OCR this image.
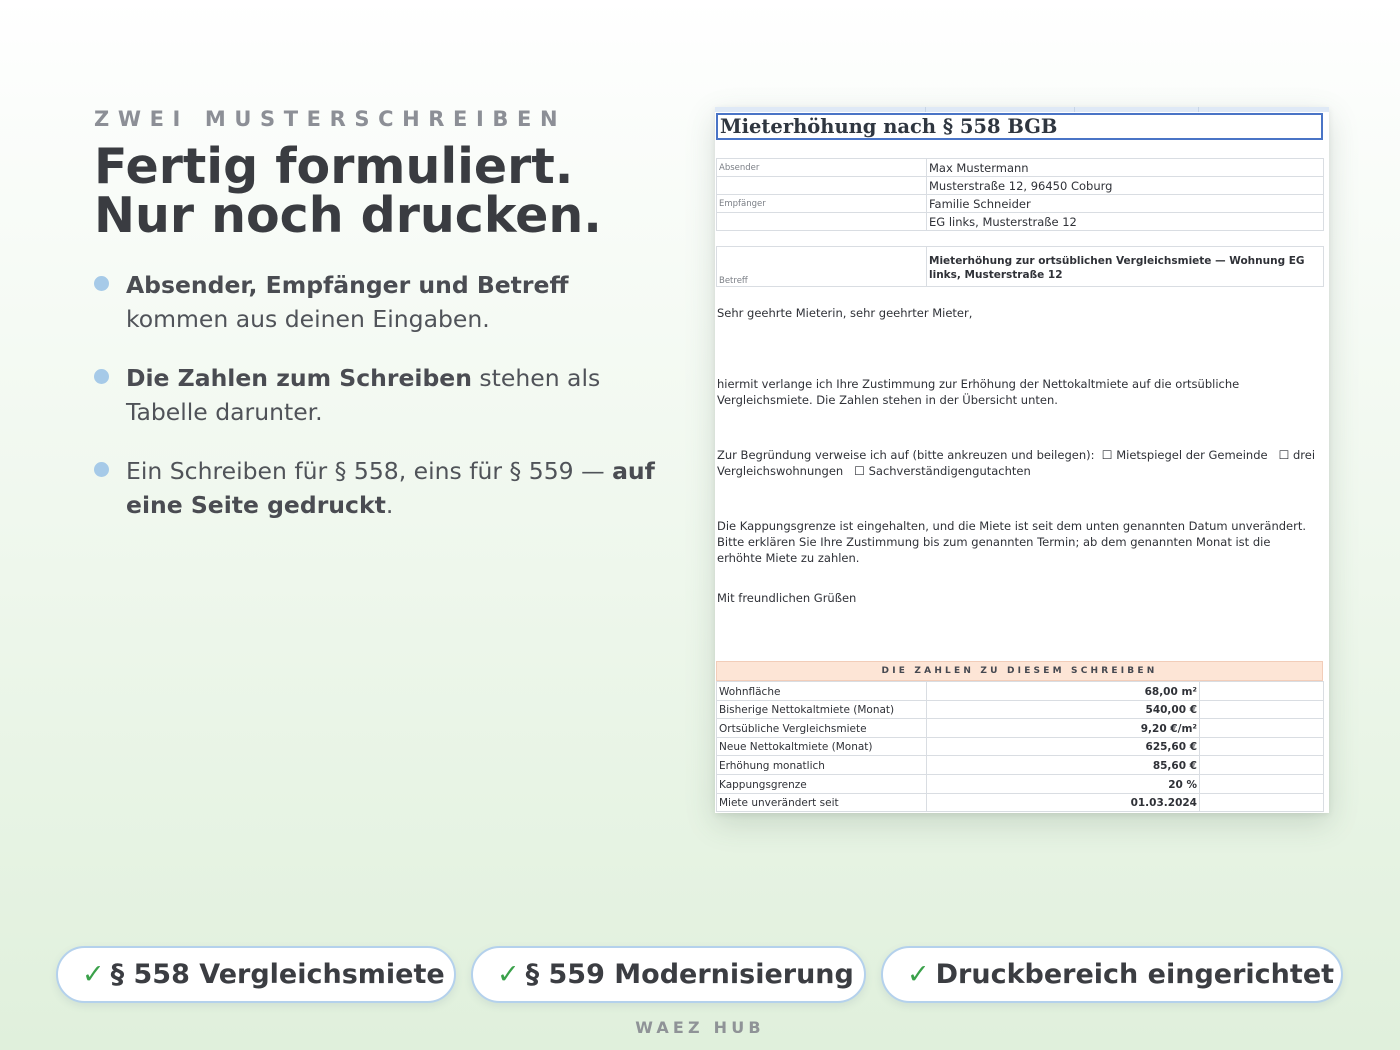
ZWEI MUSTERSCHREIBEN
Fertig formuliert. Nur noch drucken.
Absender, Empfänger und Betreff kommen aus deinen Eingaben.
Die Zahlen zum Schreiben stehen als Tabelle darunter.
Ein Schreiben für § 558, eins für § 559 — auf eine Seite gedruckt.
Mieterhöhung nach § 558 BGB
Absender	Max Mustermann
	Musterstraße 12, 96450 Coburg
Empfänger	Familie Schneider
	EG links, Musterstraße 12
Betreff	Mieterhöhung zur ortsüblichen Vergleichsmiete — Wohnung EG links, Musterstraße 12
Sehr geehrte Mieterin, sehr geehrter Mieter,
hiermit verlange ich Ihre Zustimmung zur Erhöhung der Nettokaltmiete auf die ortsübliche Vergleichsmiete. Die Zahlen stehen in der Übersicht unten.
Zur Begründung verweise ich auf (bitte ankreuzen und beilegen): ☐ Mietspiegel der Gemeinde ☐ drei Vergleichswohnungen ☐ Sachverständigengutachten
Die Kappungsgrenze ist eingehalten, und die Miete ist seit dem unten genannten Datum unverändert. Bitte erklären Sie Ihre Zustimmung bis zum genannten Termin; ab dem genannten Monat ist die erhöhte Miete zu zahlen.
Mit freundlichen Grüßen
DIE ZAHLEN ZU DIESEM SCHREIBEN
Wohnfläche	68,00 m²	
Bisherige Nettokaltmiete (Monat)	540,00 €	
Ortsübliche Vergleichsmiete	9,20 €/m²	
Neue Nettokaltmiete (Monat)	625,60 €	
Erhöhung monatlich	85,60 €	
Kappungsgrenze	20 %	
Miete unverändert seit	01.03.2024	
✓ § 558 Vergleichsmiete	✓ § 559 Modernisierung	✓ Druckbereich eingerichtet
WAEZ HUB
